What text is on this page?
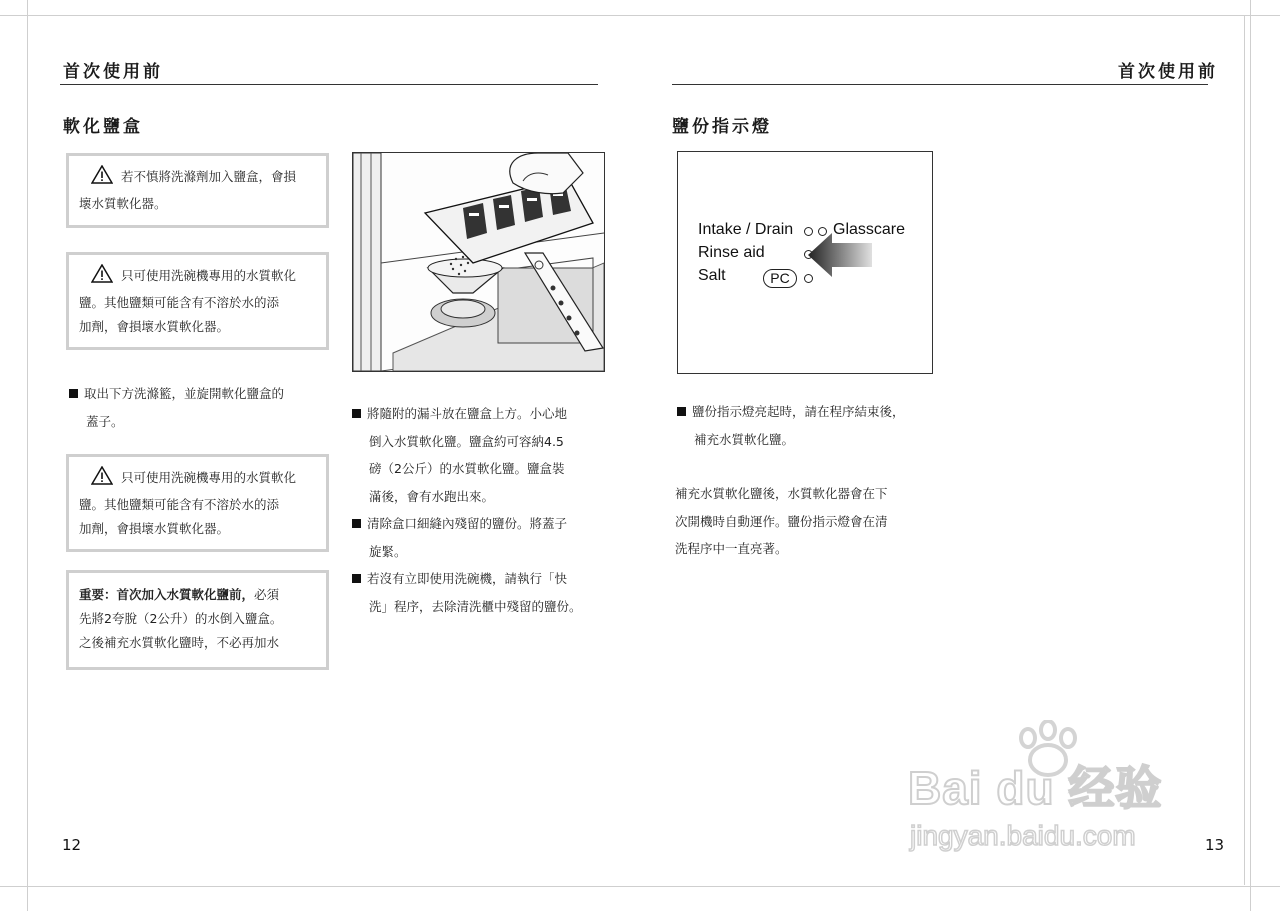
首次使用前
軟化鹽盒
若不慎將洗滌劑加入鹽盒，會損
壞水質軟化器。
只可使用洗碗機專用的水質軟化
鹽。其他鹽類可能含有不溶於水的添
加劑，會損壞水質軟化器。
取出下方洗滌籃，並旋開軟化鹽盒的
蓋子。
只可使用洗碗機專用的水質軟化
鹽。其他鹽類可能含有不溶於水的添
加劑，會損壞水質軟化器。
重要：首次加入水質軟化鹽前，必須
先將2夸脫（2公升）的水倒入鹽盒。
之後補充水質軟化鹽時，不必再加水
將隨附的漏斗放在鹽盒上方。小心地
倒入水質軟化鹽。鹽盒約可容納4.5
磅（2公斤）的水質軟化鹽。鹽盒裝
滿後，會有水跑出來。
清除盒口細縫內殘留的鹽份。將蓋子
旋緊。
若沒有立即使用洗碗機，請執行「快
洗」程序，去除清洗櫃中殘留的鹽份。
12
首次使用前
鹽份指示燈
Intake / Drain Glasscare
Rinse aid
Salt	PC
鹽份指示燈亮起時，請在程序結束後，
補充水質軟化鹽。
補充水質軟化鹽後，水質軟化器會在下
次開機時自動運作。鹽份指示燈會在清
洗程序中一直亮著。
Bai du 经验
jingyan.baidu.com	13
